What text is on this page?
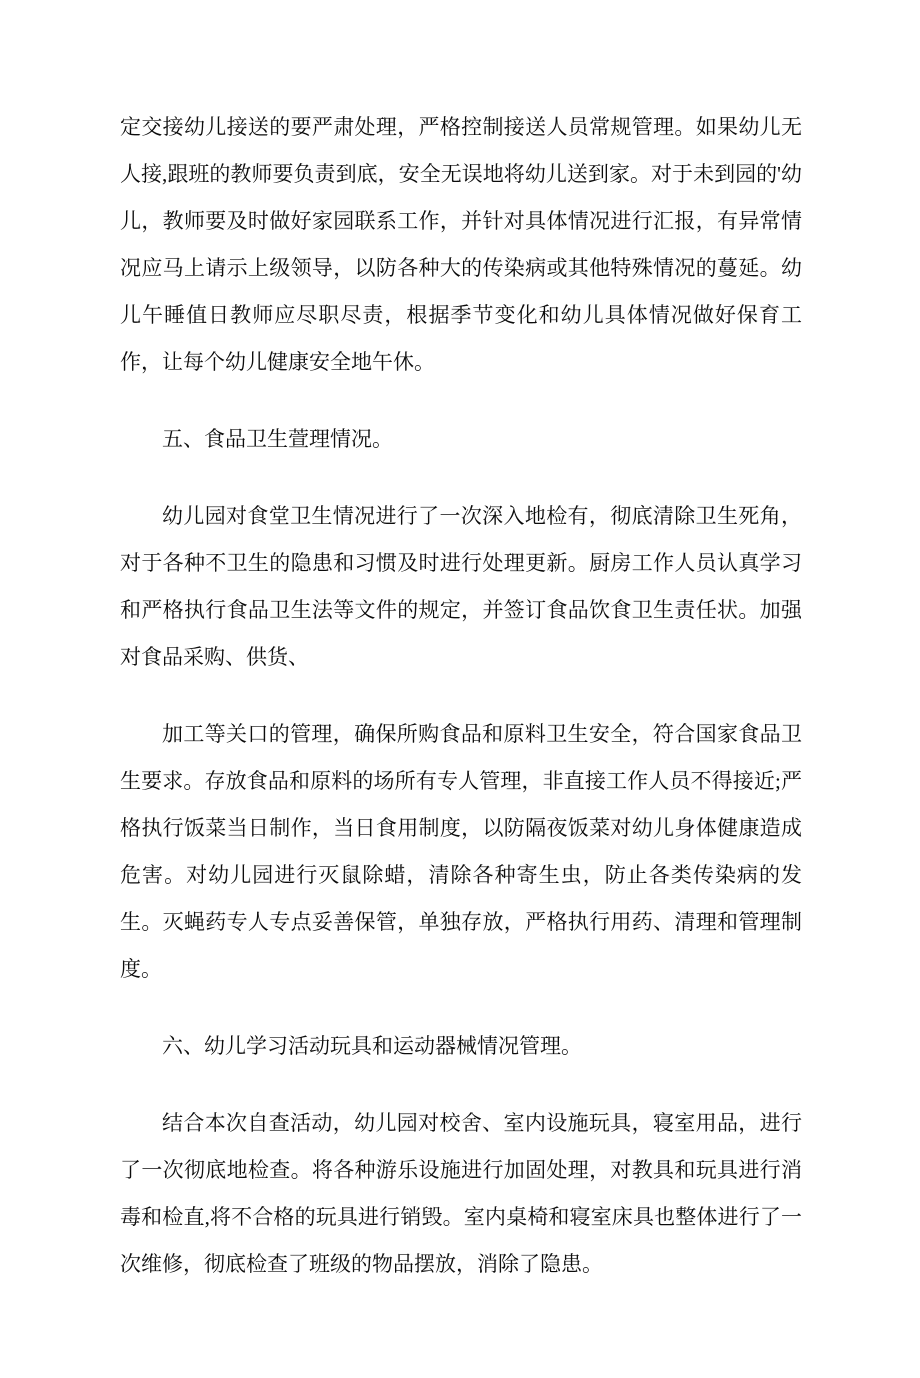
定交接幼儿接送的要严肃处理，严格控制接送人员常规管理。如果幼儿无人接,跟班的教师要负责到底，安全无误地将幼儿送到家。对于未到园的'幼儿，教师要及时做好家园联系工作，并针对具体情况进行汇报，有异常情况应马上请示上级领导，以防各种大的传染病或其他特殊情况的蔓延。幼儿午睡值日教师应尽职尽责，根据季节变化和幼儿具体情况做好保育工作，让每个幼儿健康安全地午休。

五、食品卫生萱理情况。

幼儿园对食堂卫生情况进行了一次深入地检有，彻底清除卫生死角，对于各种不卫生的隐患和习惯及时进行处理更新。厨房工作人员认真学习和严格执行食品卫生法等文件的规定，并签订食品饮食卫生责任状。加强对食品采购、供货、

加工等关口的管理，确保所购食品和原料卫生安全，符合国家食品卫生要求。存放食品和原料的场所有专人管理，非直接工作人员不得接近;严格执行饭菜当日制作，当日食用制度，以防隔夜饭菜对幼儿身体健康造成危害。对幼儿园进行灭鼠除蜡，清除各种寄生虫，防止各类传染病的发生。灭蝇药专人专点妥善保管，单独存放，严格执行用药、清理和管理制度。

六、幼儿学习活动玩具和运动器械情况管理。

结合本次自查活动，幼儿园对校舍、室内设施玩具，寝室用品，进行了一次彻底地检查。将各种游乐设施进行加固处理，对教具和玩具进行消毒和检直,将不合格的玩具进行销毁。室内桌椅和寝室床具也整体进行了一次维修，彻底检查了班级的物品摆放，消除了隐患。
